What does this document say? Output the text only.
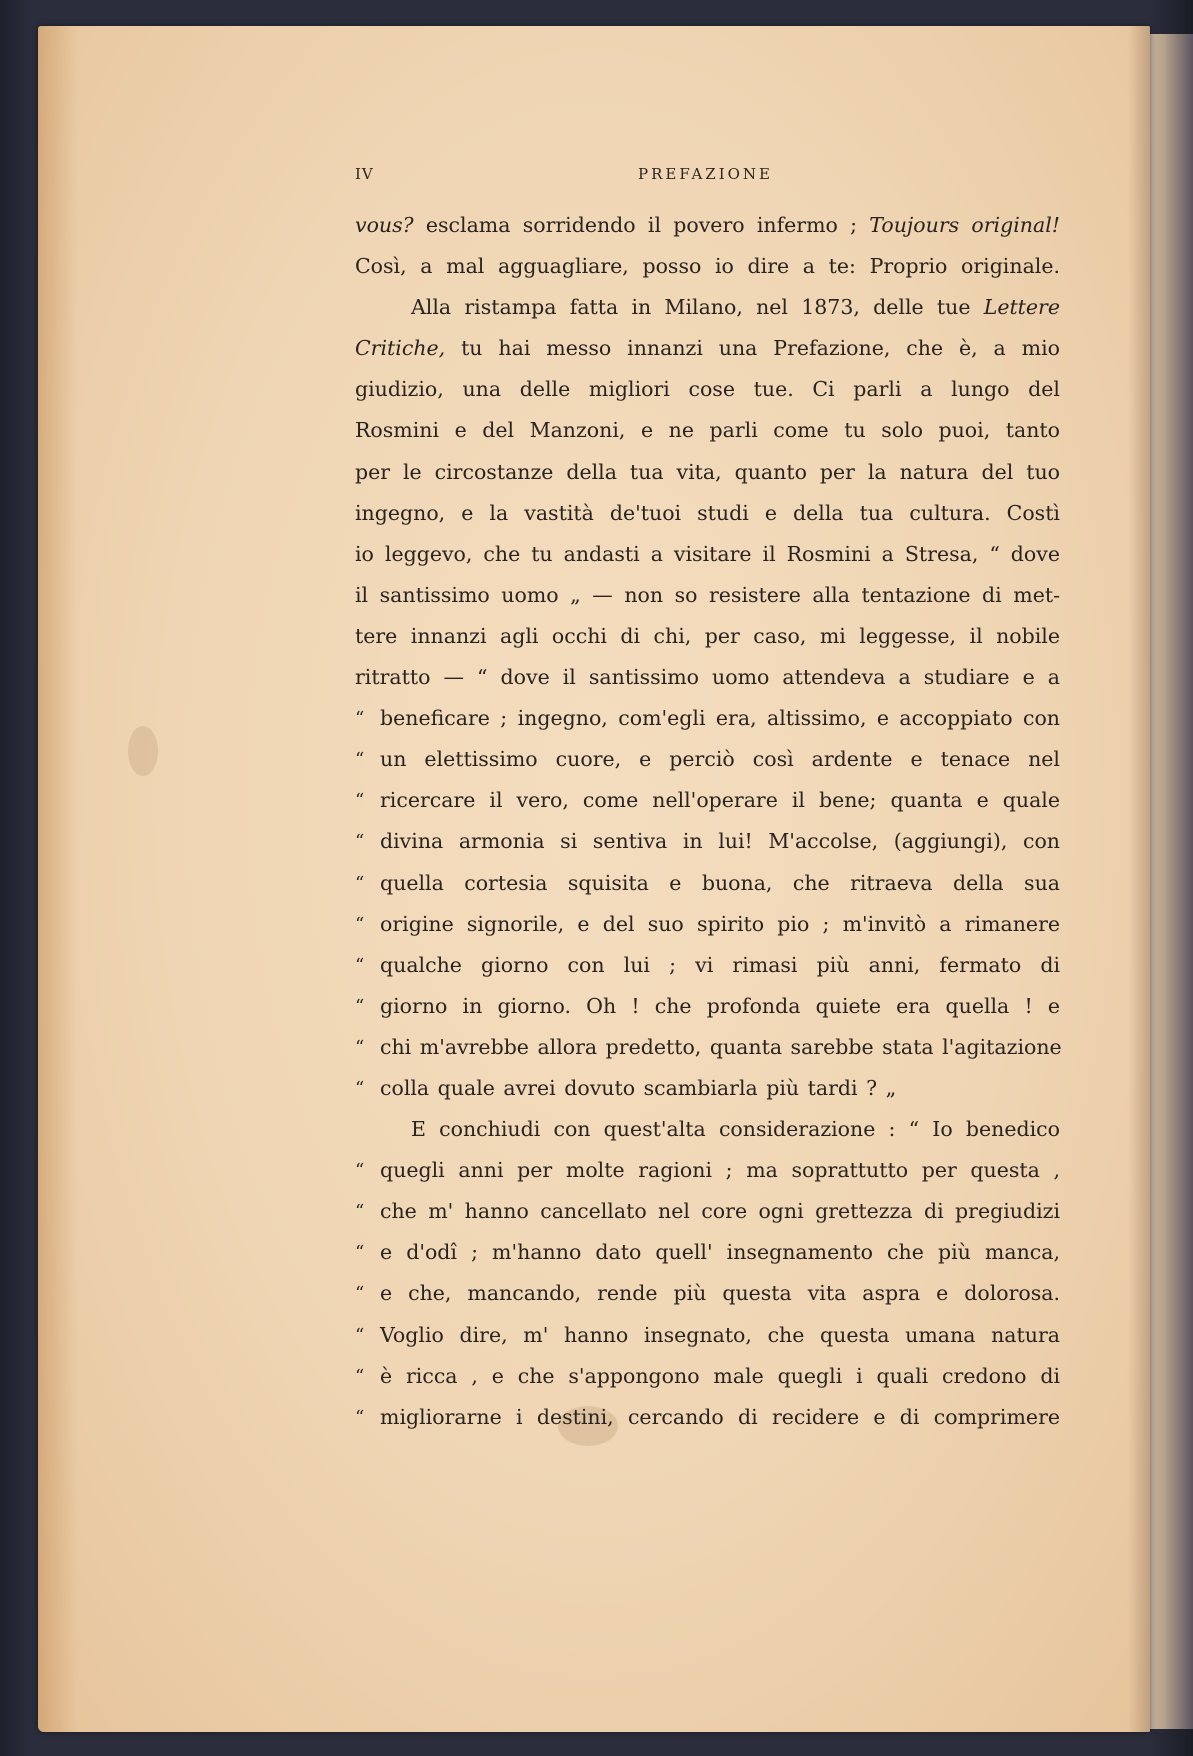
IV	PREFAZIONE
vous? esclama sorridendo il povero infermo ; Toujours original!
Così, a mal agguagliare, posso io dire a te: Proprio originale.
Alla ristampa fatta in Milano, nel 1873, delle tue Lettere
Critiche, tu hai messo innanzi una Prefazione, che è, a mio
giudizio, una delle migliori cose tue. Ci parli a lungo del
Rosmini e del Manzoni, e ne parli come tu solo puoi, tanto
per le circostanze della tua vita, quanto per la natura del tuo
ingegno, e la vastità de'tuoi studi e della tua cultura. Costì
io leggevo, che tu andasti a visitare il Rosmini a Stresa, “ dove
il santissimo uomo „ — non so resistere alla tentazione di met-
tere innanzi agli occhi di chi, per caso, mi leggesse, il nobile
ritratto — “ dove il santissimo uomo attendeva a studiare e a
“ beneficare ; ingegno, com'egli era, altissimo, e accoppiato con
“ un elettissimo cuore, e perciò così ardente e tenace nel
“ ricercare il vero, come nell'operare il bene; quanta e quale
“ divina armonia si sentiva in lui! M'accolse, (aggiungi), con
“ quella cortesia squisita e buona, che ritraeva della sua
“ origine signorile, e del suo spirito pio ; m'invitò a rimanere
“ qualche giorno con lui ; vi rimasi più anni, fermato di
“ giorno in giorno. Oh ! che profonda quiete era quella ! e
“ chi m'avrebbe allora predetto, quanta sarebbe stata l'agitazione
“ colla quale avrei dovuto scambiarla più tardi ? „
E conchiudi con quest'alta considerazione : “ Io benedico
“ quegli anni per molte ragioni ; ma soprattutto per questa ,
“ che m' hanno cancellato nel core ogni grettezza di pregiudizi
“ e d'odî ; m'hanno dato quell' insegnamento che più manca,
“ e che, mancando, rende più questa vita aspra e dolorosa.
“ Voglio dire, m' hanno insegnato, che questa umana natura
“ è ricca , e che s'appongono male quegli i quali credono di
“ migliorarne i destini, cercando di recidere e di comprimere
